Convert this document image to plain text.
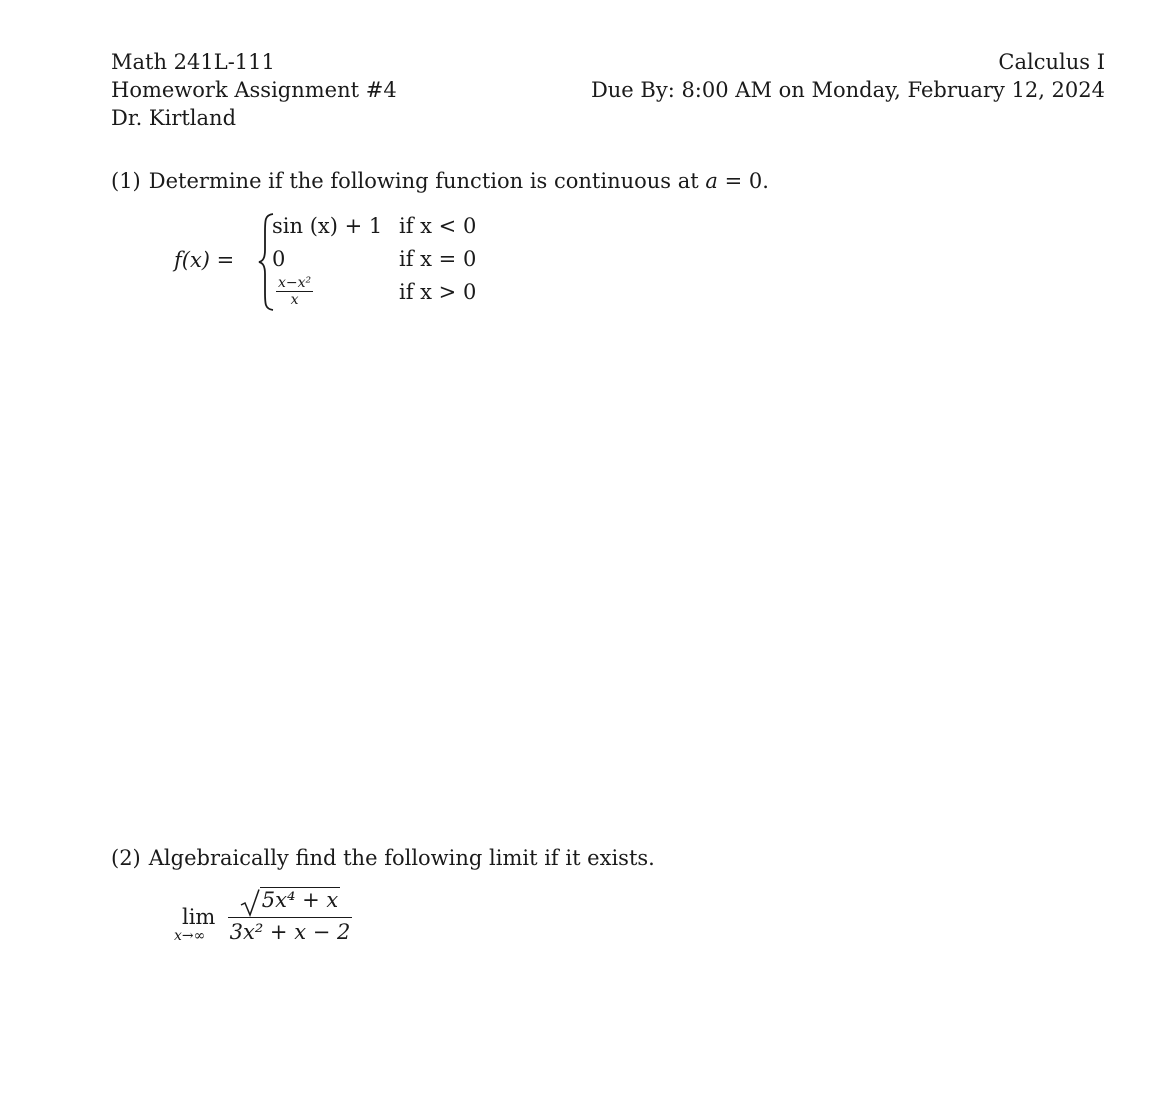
Math 241L-111
Homework Assignment #4
Dr. Kirtland
Calculus I
Due By: 8:00 AM on Monday, February 12, 2024
(1) Determine if the following function is continuous at a = 0.
f(x) =
sin (x) + 1 if x < 0
0	if x = 0
$\frac{\text{x−x²}}{x}$	if x > 0
(2) Algebraically find the following limit if it exists.
lim
x→∞
5x⁴ + x
3x² + x − 2
